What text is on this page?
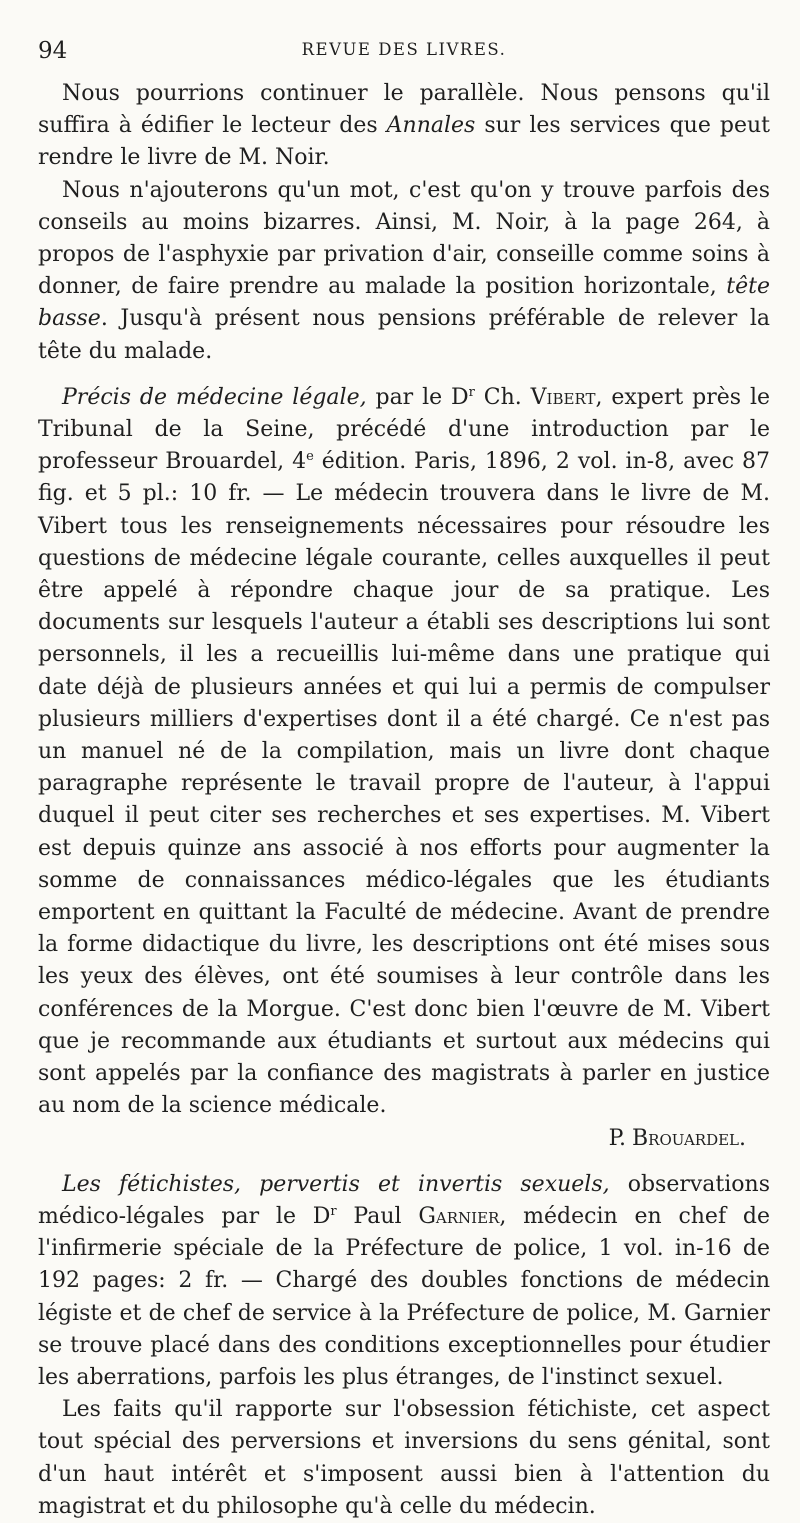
94	REVUE DES LIVRES.

Nous pourrions continuer le parallèle. Nous pensons qu'il suffira à édifier le lecteur des Annales sur les services que peut rendre le livre de M. Noir.

Nous n'ajouterons qu'un mot, c'est qu'on y trouve parfois des conseils au moins bizarres. Ainsi, M. Noir, à la page 264, à propos de l'asphyxie par privation d'air, conseille comme soins à donner, de faire prendre au malade la position horizontale, tête basse. Jusqu'à présent nous pensions préférable de relever la tête du malade.

Précis de médecine légale, par le $D^r$ Ch. Vibert, expert près le Tribunal de la Seine, précédé d'une introduction par le professeur Brouardel, 4e édition. Paris, 1896, 2 vol. in-8, avec 87 fig. et 5 pl.: 10 fr. — Le médecin trouvera dans le livre de M. Vibert tous les renseignements nécessaires pour résoudre les questions de médecine légale courante, celles auxquelles il peut être appelé à répondre chaque jour de sa pratique. Les documents sur lesquels l'auteur a établi ses descriptions lui sont personnels, il les a recueillis lui-même dans une pratique qui date déjà de plusieurs années et qui lui a permis de compulser plusieurs milliers d'expertises dont il a été chargé. Ce n'est pas un manuel né de la compilation, mais un livre dont chaque paragraphe représente le travail propre de l'auteur, à l'appui duquel il peut citer ses recherches et ses expertises. M. Vibert est depuis quinze ans associé à nos efforts pour augmenter la somme de connaissances médico-légales que les étudiants emportent en quittant la Faculté de médecine. Avant de prendre la forme didactique du livre, les descriptions ont été mises sous les yeux des élèves, ont été soumises à leur contrôle dans les conférences de la Morgue. C'est donc bien l'œuvre de M. Vibert que je recommande aux étudiants et surtout aux médecins qui sont appelés par la confiance des magistrats à parler en justice au nom de la science médicale.

P. Brouardel.

Les fétichistes, pervertis et invertis sexuels, observations médico-légales par le $D^r$ Paul Garnier, médecin en chef de l'infirmerie spéciale de la Préfecture de police, 1 vol. in-16 de 192 pages: 2 fr. — Chargé des doubles fonctions de médecin légiste et de chef de service à la Préfecture de police, M. Garnier se trouve placé dans des conditions exceptionnelles pour étudier les aberrations, parfois les plus étranges, de l'instinct sexuel.

Les faits qu'il rapporte sur l'obsession fétichiste, cet aspect tout spécial des perversions et inversions du sens génital, sont d'un haut intérêt et s'imposent aussi bien à l'attention du magistrat et du philosophe qu'à celle du médecin.
